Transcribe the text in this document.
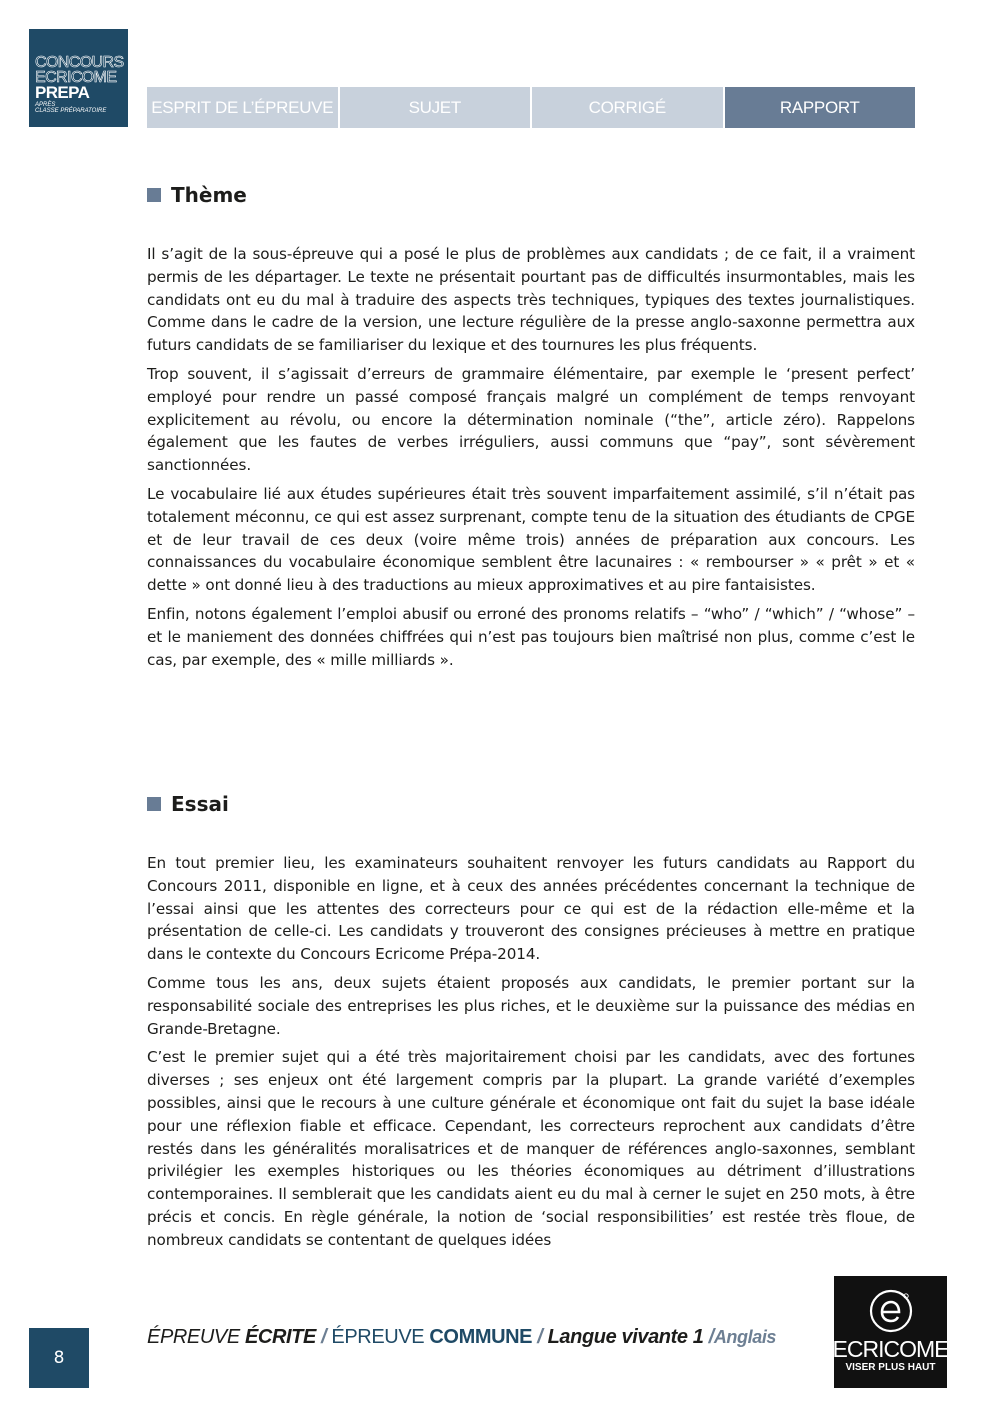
CONCOURS
ECRICOME
PREPA
APRÈS
CLASSE PRÉPARATOIRE	ESPRIT DE L’ÉPREUVE	SUJET	CORRIGÉ	RAPPORT
Thème

Il s’agit de la sous-épreuve qui a posé le plus de problèmes aux candidats ; de ce fait, il a vraiment permis de les départager. Le texte ne présentait pourtant pas de difficultés insurmontables, mais les candidats ont eu du mal à traduire des aspects très techniques, typiques des textes journalistiques. Comme dans le cadre de la version, une lecture régulière de la presse anglo-saxonne permettra aux futurs candidats de se familiariser du lexique et des tournures les plus fréquents.

Trop souvent, il s’agissait d’erreurs de grammaire élémentaire, par exemple le ‘present perfect’ employé pour rendre un passé composé français malgré un complément de temps renvoyant explicitement au révolu, ou encore la détermination nominale (“the”, article zéro). Rappelons également que les fautes de verbes irréguliers, aussi communs que “pay”, sont sévèrement sanctionnées.

Le vocabulaire lié aux études supérieures était très souvent imparfaitement assimilé, s’il n’était pas totalement méconnu, ce qui est assez surprenant, compte tenu de la situation des étudiants de CPGE et de leur travail de ces deux (voire même trois) années de préparation aux concours. Les connaissances du vocabulaire économique semblent être lacunaires : « rembourser » « prêt » et « dette » ont donné lieu à des traductions au mieux approximatives et au pire fantaisistes.

Enfin, notons également l’emploi abusif ou erroné des pronoms relatifs – “who” / “which” / “whose” – et le maniement des données chiffrées qui n’est pas toujours bien maîtrisé non plus, comme c’est le cas, par exemple, des « mille milliards ».

Essai

En tout premier lieu, les examinateurs souhaitent renvoyer les futurs candidats au Rapport du Concours 2011, disponible en ligne, et à ceux des années précédentes concernant la technique de l’essai ainsi que les attentes des correcteurs pour ce qui est de la rédaction elle-même et la présentation de celle-ci. Les candidats y trouveront des consignes précieuses à mettre en pratique dans le contexte du Concours Ecricome Prépa-2014.

Comme tous les ans, deux sujets étaient proposés aux candidats, le premier portant sur la responsabilité sociale des entreprises les plus riches, et le deuxième sur la puissance des médias en Grande-Bretagne.

C’est le premier sujet qui a été très majoritairement choisi par les candidats, avec des fortunes diverses ; ses enjeux ont été largement compris par la plupart. La grande variété d’exemples possibles, ainsi que le recours à une culture générale et économique ont fait du sujet la base idéale pour une réflexion fiable et efficace. Cependant, les correcteurs reprochent aux candidats d’être restés dans les généralités moralisatrices et de manquer de références anglo-saxonnes, semblant privilégier les exemples historiques ou les théories économiques au détriment d’illustrations contemporaines. Il semblerait que les candidats aient eu du mal à cerner le sujet en 250 mots, à être précis et concis. En règle générale, la notion de ‘social responsibilities’ est restée très floue, de nombreux candidats se contentant de quelques idées

8
ÉPREUVE ÉCRITE / ÉPREUVE COMMUNE / Langue vivante 1 /Anglais ECRICOME
VISER PLUS HAUT
